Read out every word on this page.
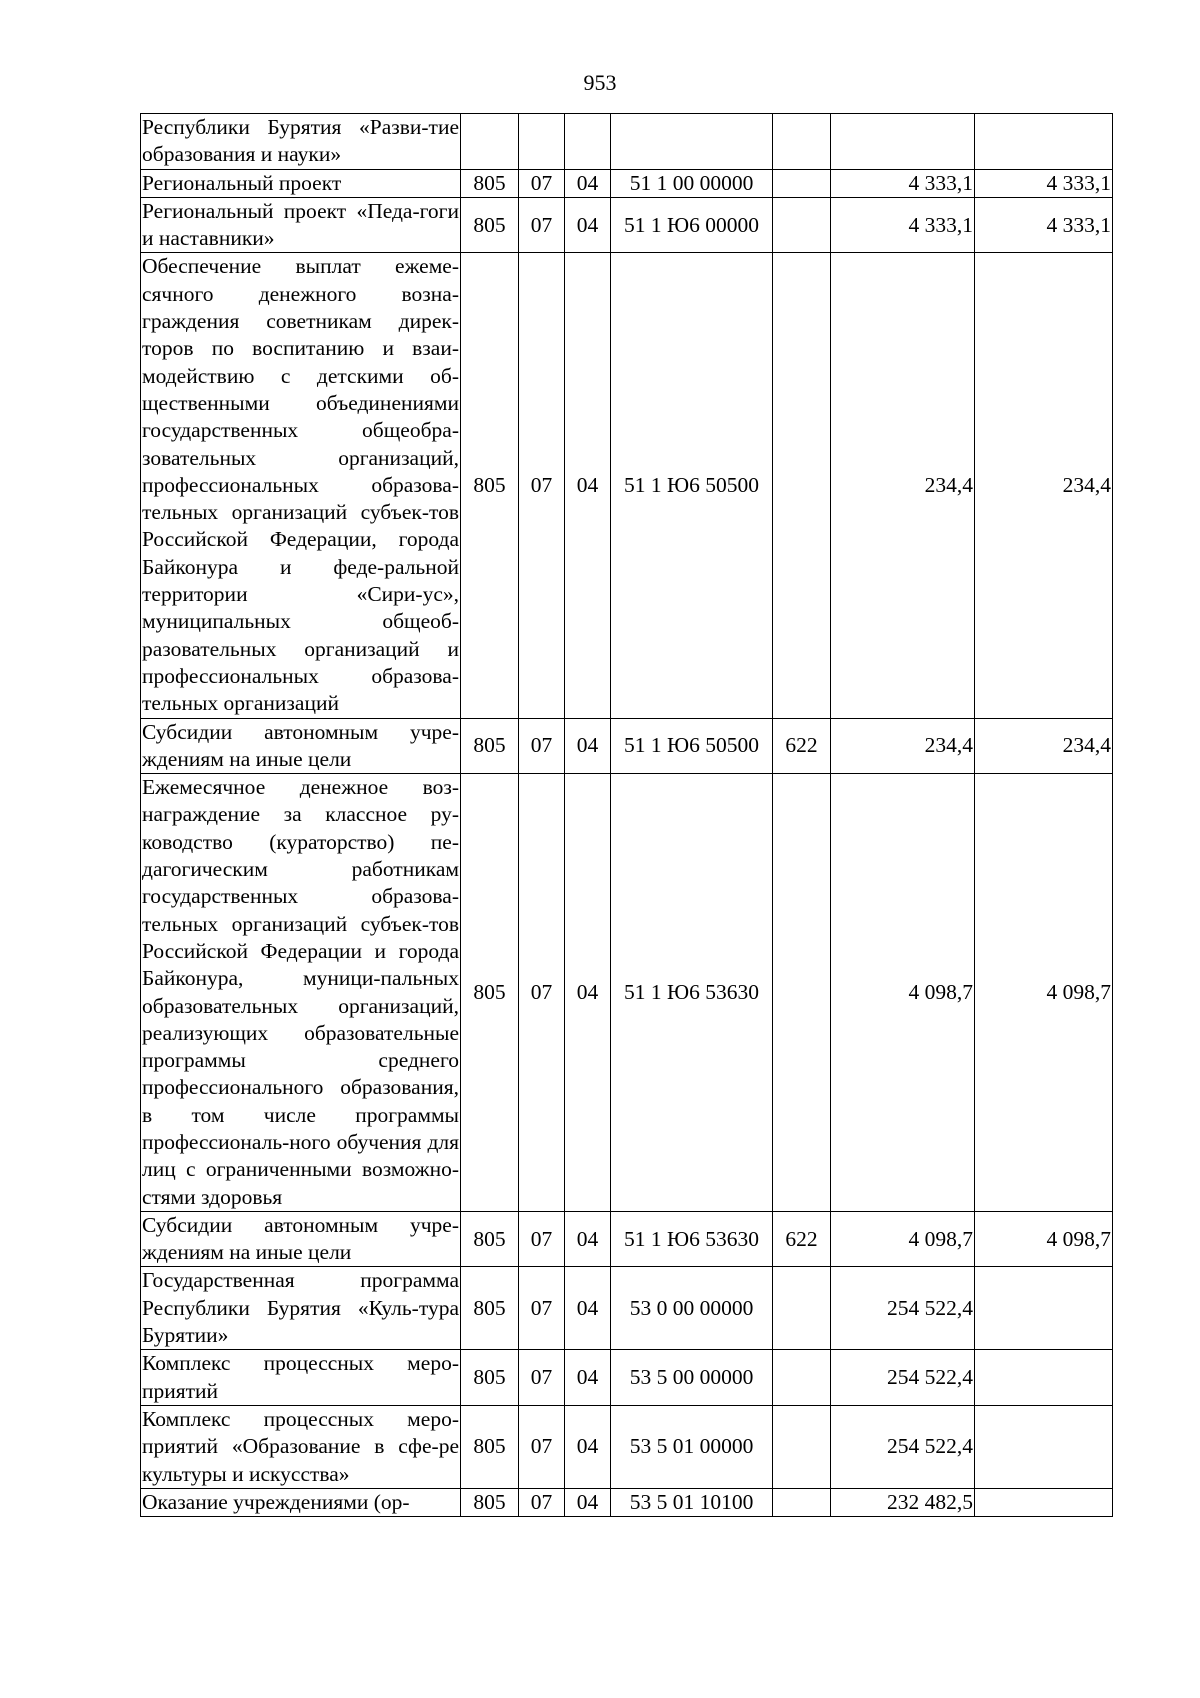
953
Республики Бурятия «Разви-тие образования и науки»							
Региональный проект	805	07	04	51 1 00 00000		4 333,1	4 333,1
Региональный проект «Педа-гоги и наставники»	805	07	04	51 1 Ю6 00000		4 333,1	4 333,1
Обеспечение выплат ежеме-сячного денежного возна-граждения советникам дирек-торов по воспитанию и взаи-модействию с детскими об-щественными объединениями государственных общеобра-зовательных организаций, профессиональных образова-тельных организаций субъек-тов Российской Федерации, города Байконура и феде-ральной территории «Сири-ус», муниципальных общеоб-разовательных организаций и профессиональных образова-тельных организаций	805	07	04	51 1 Ю6 50500		234,4	234,4
Субсидии автономным учре-ждениям на иные цели	805	07	04	51 1 Ю6 50500	622	234,4	234,4
Ежемесячное денежное воз-награждение за классное ру-ководство (кураторство) пе-дагогическим работникам государственных образова-тельных организаций субъек-тов Российской Федерации и города Байконура, муници-пальных образовательных организаций, реализующих образовательные программы среднего профессионального образования, в том числе программы профессиональ-ного обучения для лиц с ограниченными возможно-стями здоровья	805	07	04	51 1 Ю6 53630		4 098,7	4 098,7
Субсидии автономным учре-ждениям на иные цели	805	07	04	51 1 Ю6 53630	622	4 098,7	4 098,7
Государственная программа Республики Бурятия «Куль-тура Бурятии»	805	07	04	53 0 00 00000		254 522,4	
Комплекс процессных меро-приятий	805	07	04	53 5 00 00000		254 522,4	
Комплекс процессных меро-приятий «Образование в сфе-ре культуры и искусства»	805	07	04	53 5 01 00000		254 522,4	
Оказание учреждениями (ор-	805	07	04	53 5 01 10100		232 482,5	
